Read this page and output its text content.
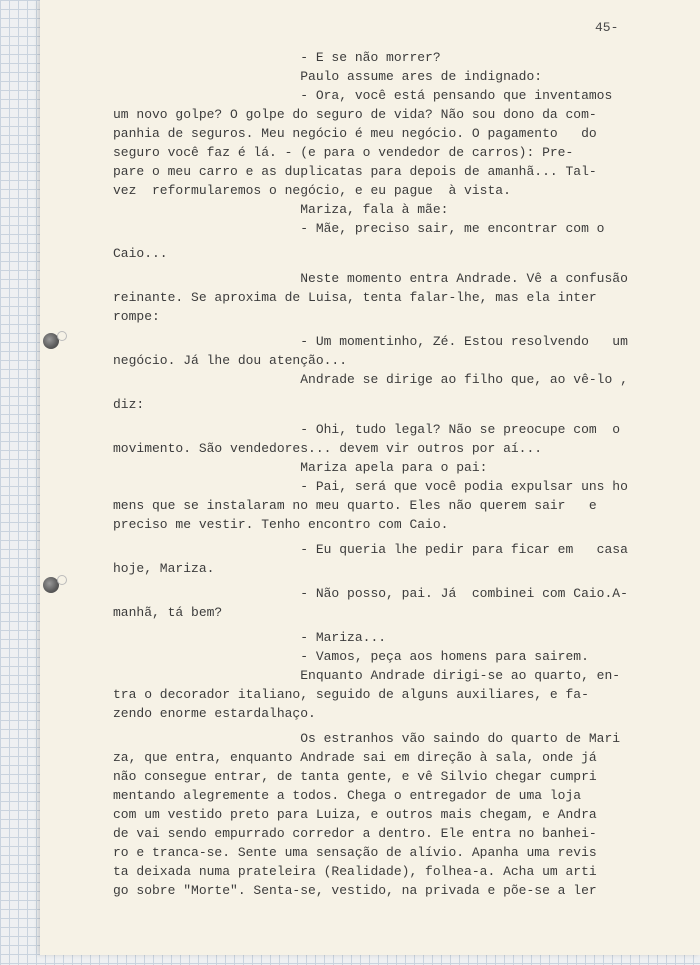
45-
- E se não morrer?
Paulo assume ares de indignado:
- Ora, você está pensando que inventamos
um novo golpe? O golpe do seguro de vida? Não sou dono da com-
panhia de seguros. Meu negócio é meu negócio. O pagamento   do
seguro você faz é lá. - (e para o vendedor de carros): Pre-
pare o meu carro e as duplicatas para depois de amanhã... Tal-
vez  reformularemos o negócio, e eu pague  à vista.
Mariza, fala à mãe:
- Mãe, preciso sair, me encontrar com o
Caio...
Neste momento entra Andrade. Vê a confusão
reinante. Se aproxima de Luisa, tenta falar-lhe, mas ela inter
rompe:
- Um momentinho, Zé. Estou resolvendo   um
negócio. Já lhe dou atenção...
Andrade se dirige ao filho que, ao vê-lo ,
diz:
- Ohi, tudo legal? Não se preocupe com  o
movimento. São vendedores... devem vir outros por aí...
Mariza apela para o pai:
- Pai, será que você podia expulsar uns ho
mens que se instalaram no meu quarto. Eles não querem sair   e
preciso me vestir. Tenho encontro com Caio.
- Eu queria lhe pedir para ficar em   casa
hoje, Mariza.
- Não posso, pai. Já  combinei com Caio.A-
manhã, tá bem?
- Mariza...
- Vamos, peça aos homens para sairem.
Enquanto Andrade dirigi-se ao quarto, en-
tra o decorador italiano, seguido de alguns auxiliares, e fa-
zendo enorme estardalhaço.
Os estranhos vão saindo do quarto de Mari
za, que entra, enquanto Andrade sai em direção à sala, onde já
não consegue entrar, de tanta gente, e vê Silvio chegar cumpri
mentando alegremente a todos. Chega o entregador de uma loja
com um vestido preto para Luiza, e outros mais chegam, e Andra
de vai sendo empurrado corredor a dentro. Ele entra no banhei-
ro e tranca-se. Sente uma sensação de alívio. Apanha uma revis
ta deixada numa prateleira (Realidade), folhea-a. Acha um arti
go sobre "Morte". Senta-se, vestido, na privada e põe-se a ler
